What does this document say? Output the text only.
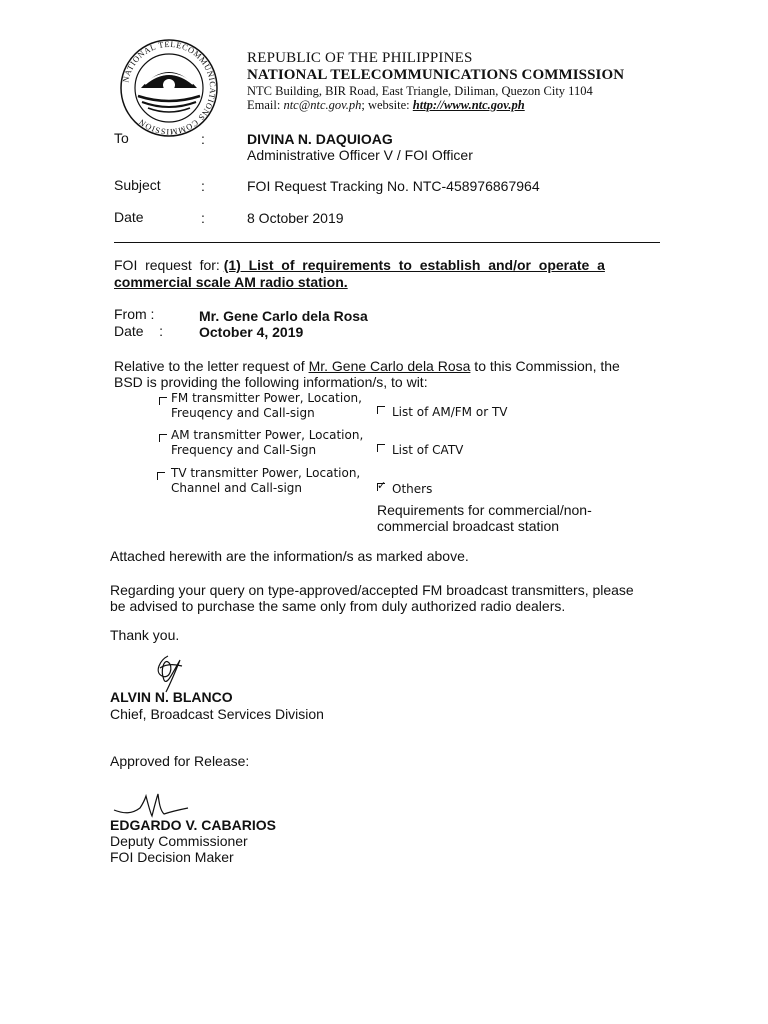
NATIONAL TELECOMMUNICATIONS COMMISSION
REPUBLIC OF THE PHILIPPINES
NATIONAL TELECOMMUNICATIONS COMMISSION
NTC Building, BIR Road, East Triangle, Diliman, Quezon City 1104
Email: ntc@ntc.gov.ph; website: http://www.ntc.gov.ph
To	:	DIVINA N. DAQUIOAG
Administrative Officer V / FOI Officer
Subject	:	FOI Request Tracking No. NTC-458976867964
Date	:	8 October 2019
FOI  request  for: (1)  List  of  requirements  to  establish  and/or  operate  a
commercial scale AM radio station.
From :	Mr. Gene Carlo dela Rosa
Date    :	October 4, 2019
Relative to the letter request of Mr. Gene Carlo dela Rosa to this Commission, the
BSD is providing the following information/s, to wit:
FM transmitter Power, Location,
Freuqency and Call-sign
AM transmitter Power, Location,
Frequency and Call-Sign
TV transmitter Power, Location,
Channel and Call-sign
List of AM/FM or TV
List of CATV
✓ Others
Requirements for commercial/non-
commercial broadcast station
Attached herewith are the information/s as marked above.
Regarding your query on type-approved/accepted FM broadcast transmitters, please
be advised to purchase the same only from duly authorized radio dealers.
Thank you.
ALVIN N. BLANCO
Chief, Broadcast Services Division
Approved for Release:
EDGARDO V. CABARIOS
Deputy Commissioner
FOI Decision Maker
